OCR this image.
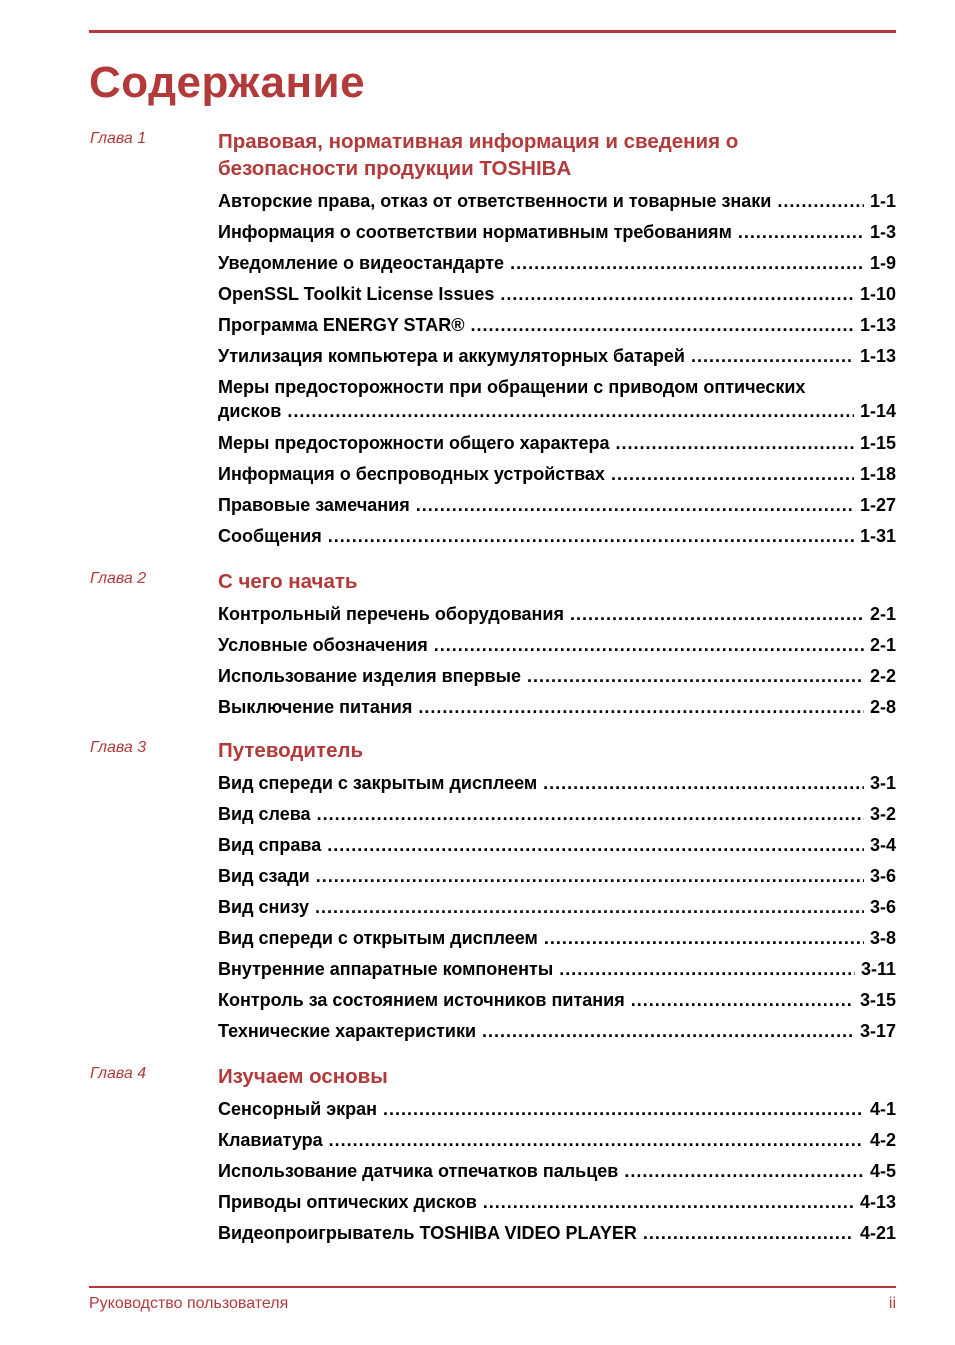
Содержание
Глава 1	Правовая, нормативная информация и сведения о безопасности продукции TOSHIBA
Авторские права, отказ от ответственности и товарные знаки .....	1-1
Информация о соответствии нормативным требованиям .....	1-3
Уведомление о видеостандарте .....	1-9
OpenSSL Toolkit License Issues .....	1-10
Программа ENERGY STAR® .....	1-13
Утилизация компьютера и аккумуляторных батарей .....	1-13
Меры предосторожности при обращении с приводом оптических
дисков .....	1-14
Меры предосторожности общего характера .....	1-15
Информация о беспроводных устройствах .....	1-18
Правовые замечания .....	1-27
Сообщения .....	1-31
Глава 2	С чего начать
Контрольный перечень оборудования .....	2-1
Условные обозначения .....	2-1
Использование изделия впервые .....	2-2
Выключение питания .....	2-8
Глава 3	Путеводитель
Вид спереди с закрытым дисплеем .....	3-1
Вид слева .....	3-2
Вид справа .....	3-4
Вид сзади .....	3-6
Вид снизу .....	3-6
Вид спереди с открытым дисплеем .....	3-8
Внутренние аппаратные компоненты .....	3-11
Контроль за состоянием источников питания .....	3-15
Технические характеристики .....	3-17
Глава 4	Изучаем основы
Сенсорный экран .....	4-1
Клавиатура .....	4-2
Использование датчика отпечатков пальцев .....	4-5
Приводы оптических дисков .....	4-13
Видеопроигрыватель TOSHIBA VIDEO PLAYER .....	4-21
Руководство пользователя	ii
